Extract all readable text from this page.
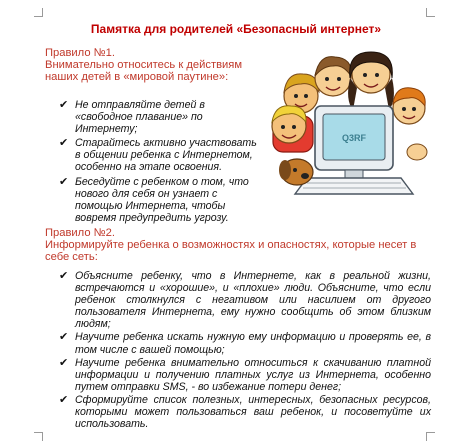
Памятка для родителей «Безопасный интернет»
Правило №1.
Внимательно относитесь к действиям наших детей в «мировой паутине»:
✔ Не отправляйте детей в «свободное плавание» по Интернету;
✔ Старайтесь активно участвовать в общении ребенка с Интернетом, особенно на этапе освоения.
✔ Беседуйте с ребенком о том, что нового для себя он узнает с помощью Интернета, чтобы вовремя предупредить угрозу.
Q3RF
Правило №2.
Информируйте ребенка о возможностях и опасностях, которые несет в себе сеть:
✔ Объясните ребенку, что в Интернете, как в реальной жизни, встречаются и «хорошие», и «плохие» люди. Объясните, что если ребенок столкнулся с негативом или насилием от другого пользователя Интернета, ему нужно сообщить об этом близким людям;
✔ Научите ребенка искать нужную ему информацию и проверять ее, в том числе с вашей помощью;
✔ Научите ребенка внимательно относиться к скачиванию платной информации и получению платных услуг из Интернета, особенно путем отправки SMS, - во избежание потери денег;
✔ Сформируйте список полезных, интересных, безопасных ресурсов, которыми может пользоваться ваш ребенок, и посоветуйте их использовать.
